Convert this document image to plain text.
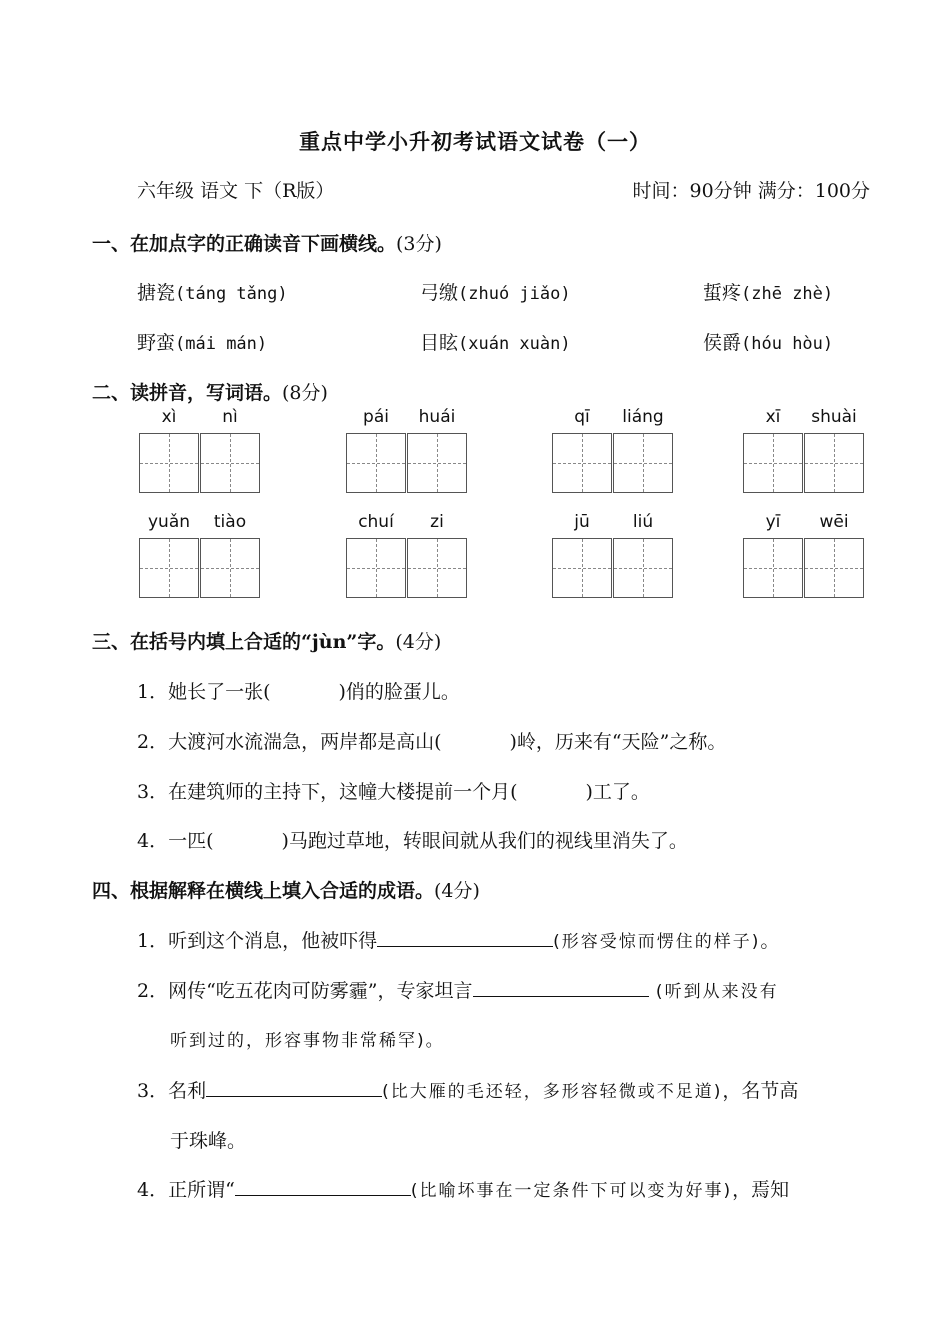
重点中学小升初考试语文试卷（一）
六年级 语文 下（R版）	时间：90分钟 满分：100分
一、在加点字的正确读音下画横线。(3分)
搪瓷(táng tǎng)	弓缴(zhuó jiǎo)	蜇疼(zhē zhè)
野蛮(mái mán)	目眩(xuán xuàn)	侯爵(hóu hòu)
二、读拼音，写词语。(8分)
xì	nì	pái	huái	qī	liáng	xī	shuài
yuǎn	tiào	chuí	zi	jū	liú	yī	wēi
三、在括号内填上合适的“jùn”字。(4分)
1．她长了一张(	)俏的脸蛋儿。
2．大渡河水流湍急，两岸都是高山(	)岭，历来有“天险”之称。
3．在建筑师的主持下，这幢大楼提前一个月(	)工了。
4．一匹(	)马跑过草地，转眼间就从我们的视线里消失了。
四、根据解释在横线上填入合适的成语。(4分)
1．听到这个消息，他被吓得	(形容受惊而愣住的样子)。
2．网传“吃五花肉可防雾霾”，专家坦言	(听到从来没有
听到过的，形容事物非常稀罕)。
3．名利	(比大雁的毛还轻，多形容轻微或不足道)，名节高
于珠峰。
4．正所谓“	(比喻坏事在一定条件下可以变为好事)，焉知
